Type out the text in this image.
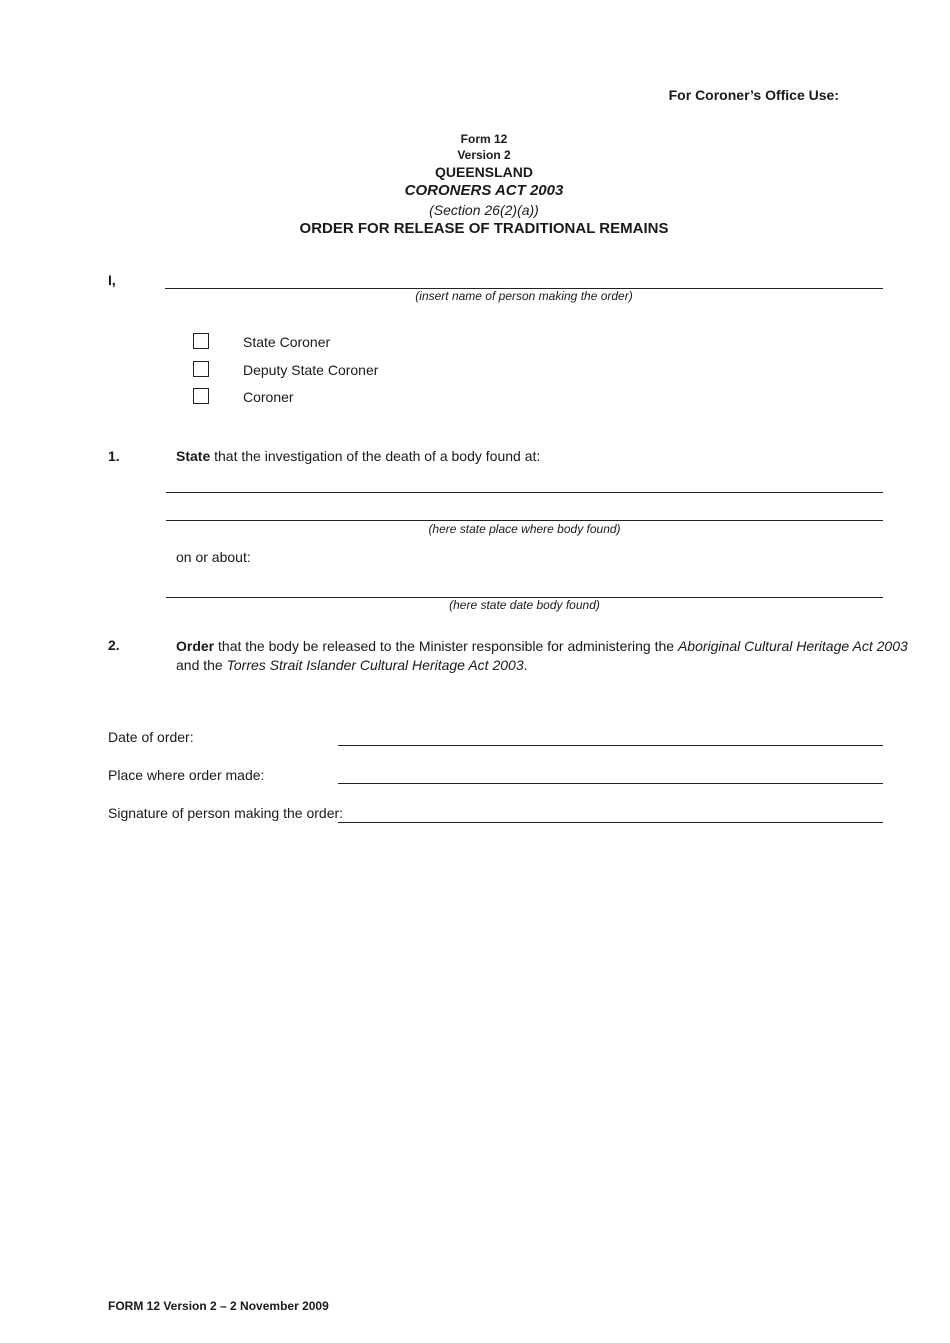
For Coroner’s Office Use:
Form 12
Version 2
QUEENSLAND
CORONERS ACT 2003
(Section 26(2)(a))
ORDER FOR RELEASE OF TRADITIONAL REMAINS
I,
(insert name of person making the order)
State Coroner
Deputy State Coroner
Coroner
1.	State that the investigation of the death of a body found at:
(here state place where body found)
on or about:
(here state date body found)
2.	Order that the body be released to the Minister responsible for administering the Aboriginal Cultural Heritage Act 2003
and the Torres Strait Islander Cultural Heritage Act 2003.
Date of order:
Place where order made:
Signature of person making the order:
FORM 12 Version 2 – 2 November 2009
